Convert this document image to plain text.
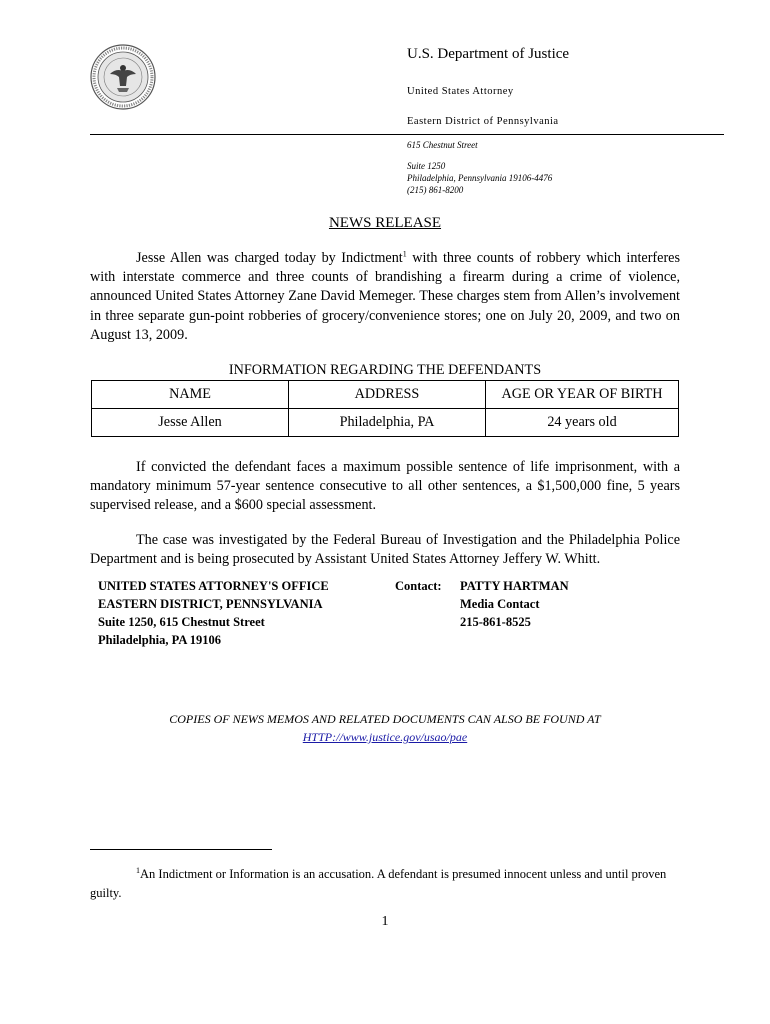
U.S. Department of Justice
United States Attorney
Eastern District of Pennsylvania
615 Chestnut Street
Suite 1250
Philadelphia, Pennsylvania 19106-4476
(215) 861-8200
NEWS RELEASE

Jesse Allen was charged today by Indictment$^1$ with three counts of robbery which interferes with interstate commerce and three counts of brandishing a firearm during a crime of violence, announced United States Attorney Zane David Memeger. These charges stem from Allen’s involvement in three separate gun-point robberies of grocery/convenience stores; one on July 20, 2009, and two on August 13, 2009.

INFORMATION REGARDING THE DEFENDANTS
NAME	ADDRESS	AGE OR YEAR OF BIRTH
Jesse Allen	Philadelphia, PA	24 years old

If convicted the defendant faces a maximum possible sentence of life imprisonment, with a mandatory minimum 57-year sentence consecutive to all other sentences, a $1,500,000 fine, 5 years supervised release, and a $600 special assessment.

The case was investigated by the Federal Bureau of Investigation and the Philadelphia Police Department and is being prosecuted by Assistant United States Attorney Jeffery W. Whitt.

UNITED STATES ATTORNEY'S OFFICE
EASTERN DISTRICT, PENNSYLVANIA
Suite 1250, 615 Chestnut Street
Philadelphia, PA 19106
Contact: PATTY HARTMAN
Media Contact
215-861-8525
COPIES OF NEWS MEMOS AND RELATED DOCUMENTS CAN ALSO BE FOUND AT
HTTP://www.justice.gov/usao/pae

$^1$An Indictment or Information is an accusation. A defendant is presumed innocent unless and until proven guilty.

1
